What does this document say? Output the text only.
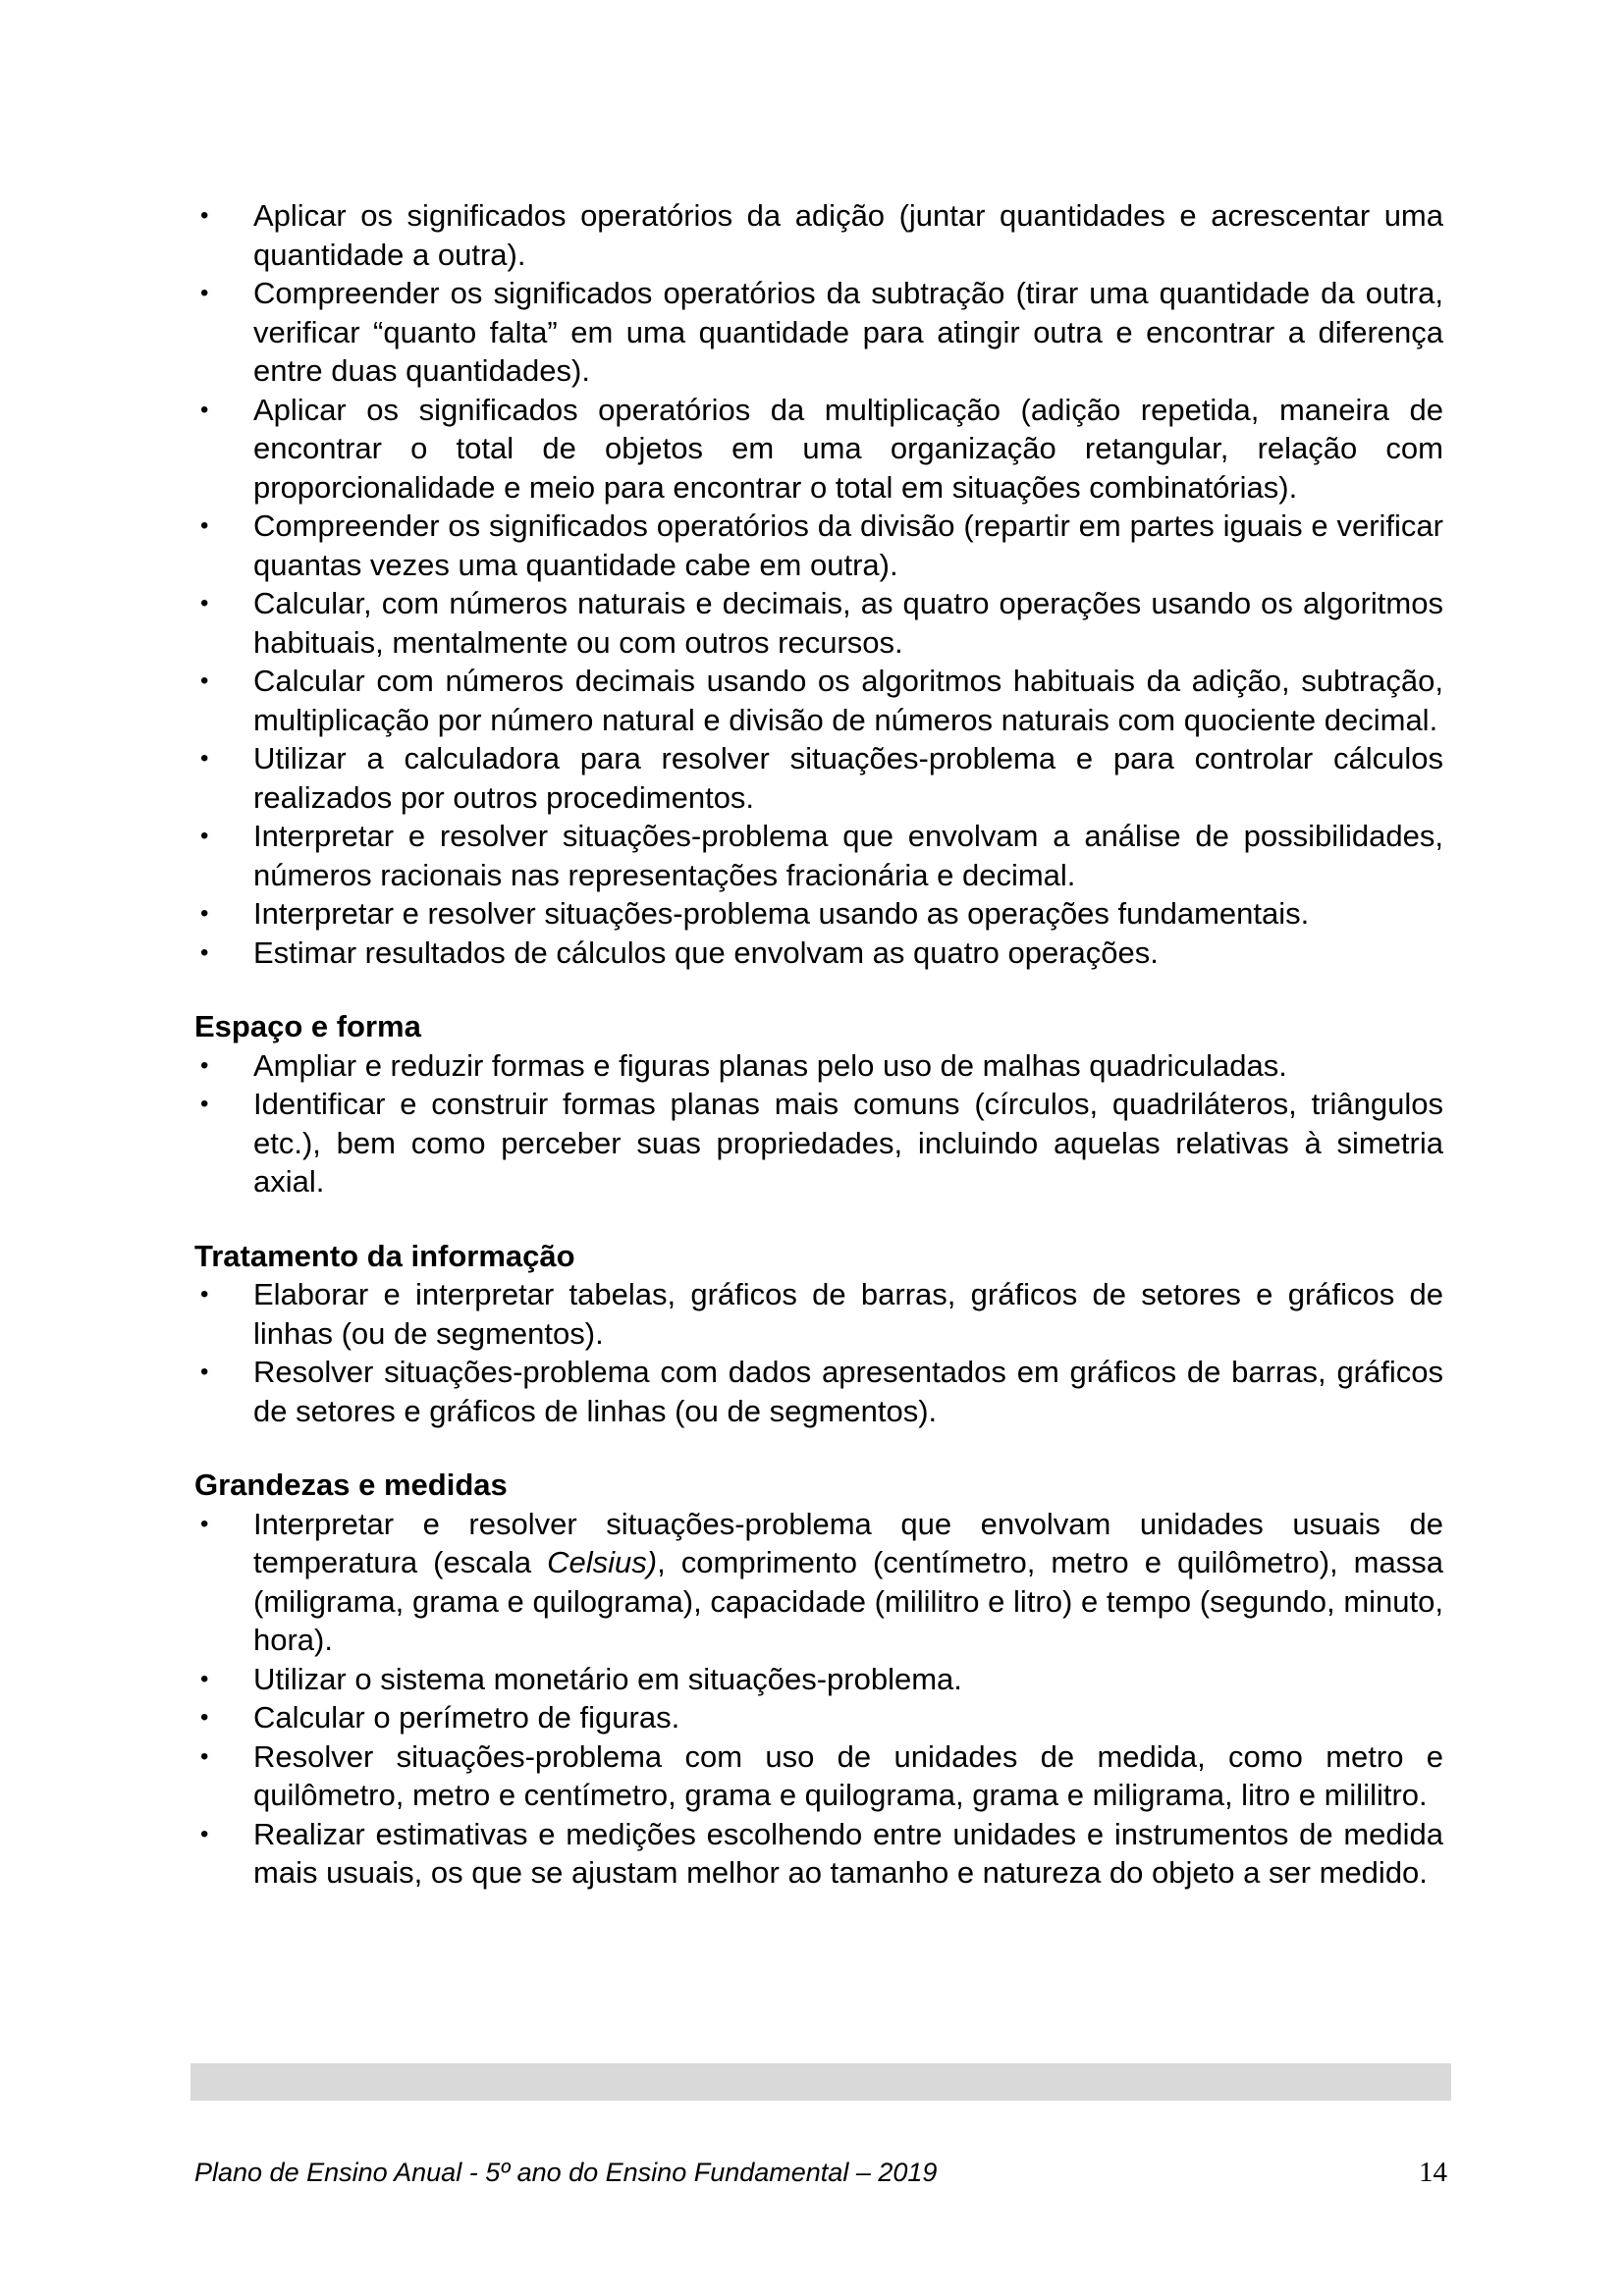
• Aplicar os significados operatórios da adição (juntar quantidades e acrescentar uma quantidade a outra).
• Compreender os significados operatórios da subtração (tirar uma quantidade da outra, verificar “quanto falta” em uma quantidade para atingir outra e encontrar a diferença entre duas quantidades).
• Aplicar os significados operatórios da multiplicação (adição repetida, maneira de encontrar o total de objetos em uma organização retangular, relação com proporcionalidade e meio para encontrar o total em situações combinatórias).
• Compreender os significados operatórios da divisão (repartir em partes iguais e verificar quantas vezes uma quantidade cabe em outra).
• Calcular, com números naturais e decimais, as quatro operações usando os algoritmos habituais, mentalmente ou com outros recursos.
• Calcular com números decimais usando os algoritmos habituais da adição, subtração, multiplicação por número natural e divisão de números naturais com quociente decimal.
• Utilizar a calculadora para resolver situações-problema e para controlar cálculos realizados por outros procedimentos.
• Interpretar e resolver situações-problema que envolvam a análise de possibilidades, números racionais nas representações fracionária e decimal.
• Interpretar e resolver situações-problema usando as operações fundamentais.
• Estimar resultados de cálculos que envolvam as quatro operações.
Espaço e forma
• Ampliar e reduzir formas e figuras planas pelo uso de malhas quadriculadas.
• Identificar e construir formas planas mais comuns (círculos, quadriláteros, triângulos etc.), bem como perceber suas propriedades, incluindo aquelas relativas à simetria axial.
Tratamento da informação
• Elaborar e interpretar tabelas, gráficos de barras, gráficos de setores e gráficos de linhas (ou de segmentos).
• Resolver situações-problema com dados apresentados em gráficos de barras, gráficos de setores e gráficos de linhas (ou de segmentos).
Grandezas e medidas
• Interpretar e resolver situações-problema que envolvam unidades usuais de temperatura (escala Celsius), comprimento (centímetro, metro e quilômetro), massa (miligrama, grama e quilograma), capacidade (mililitro e litro) e tempo (segundo, minuto, hora).
• Utilizar o sistema monetário em situações-problema.
• Calcular o perímetro de figuras.
• Resolver situações-problema com uso de unidades de medida, como metro e quilômetro, metro e centímetro, grama e quilograma, grama e miligrama, litro e mililitro.
• Realizar estimativas e medições escolhendo entre unidades e instrumentos de medida mais usuais, os que se ajustam melhor ao tamanho e natureza do objeto a ser medido.
Plano de Ensino Anual - 5º ano do Ensino Fundamental – 2019	14
